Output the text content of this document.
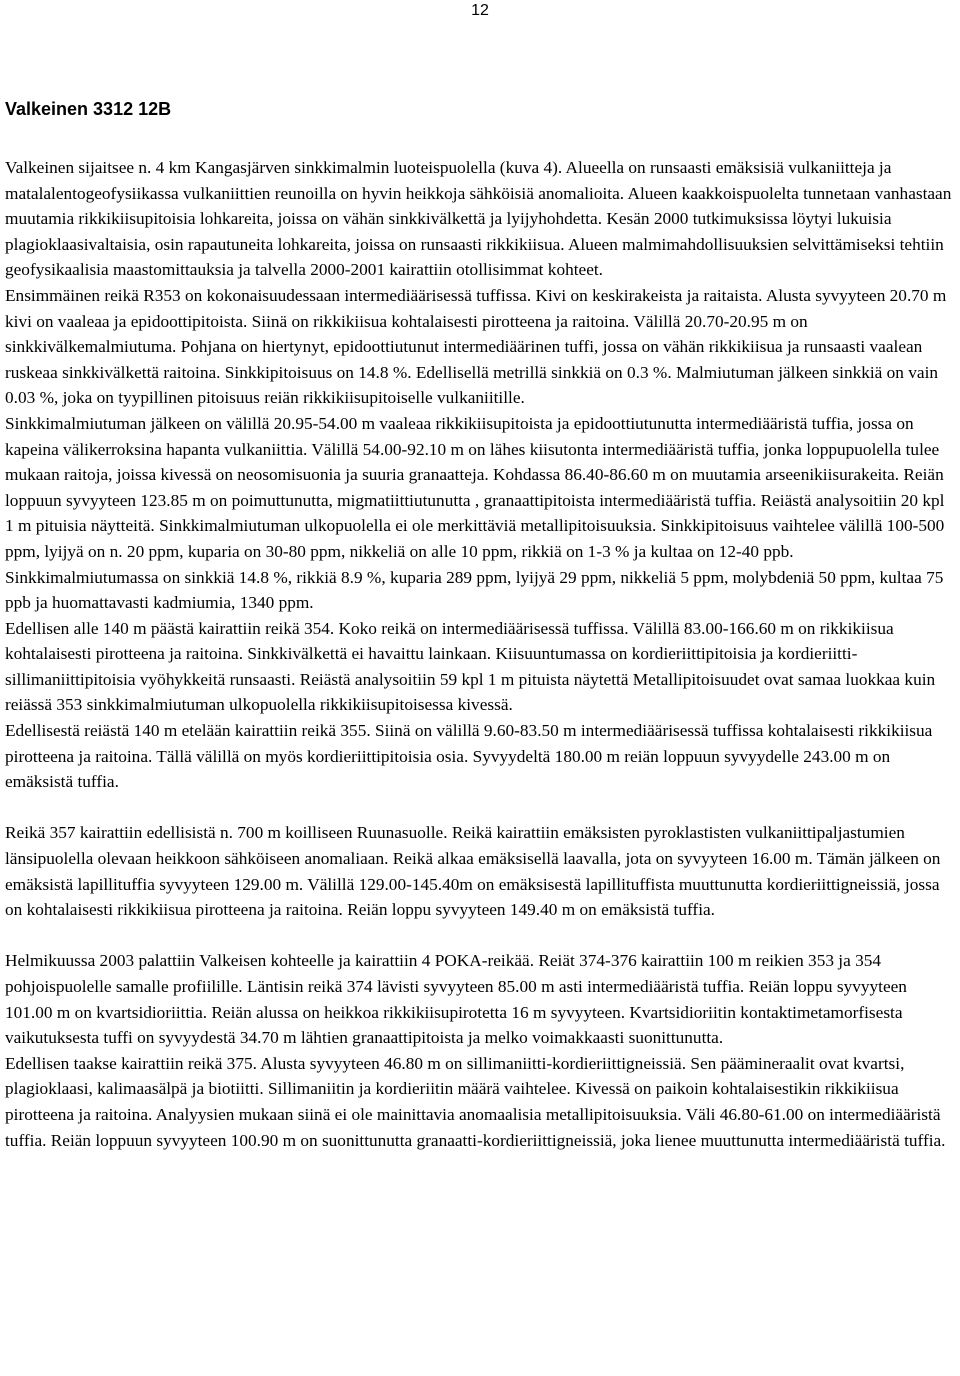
12
Valkeinen 3312 12B

Valkeinen sijaitsee n. 4 km Kangasjärven sinkkimalmin luoteispuolella (kuva 4). Alueella on runsaasti emäksisiä vulkaniitteja ja matalalentogeofysiikassa vulkaniittien reunoilla on hyvin heikkoja sähköisiä anomalioita. Alueen kaakkoispuolelta tunnetaan vanhastaan muutamia rikkikiisupitoisia lohkareita, joissa on vähän sinkkivälkettä ja lyijyhohdetta. Kesän 2000 tutkimuksissa löytyi lukuisia plagioklaasivaltaisia, osin rapautuneita lohkareita, joissa on runsaasti rikkikiisua. Alueen malmimahdollisuuksien selvittämiseksi tehtiin geofysikaalisia maastomittauksia ja talvella 2000-2001 kairattiin otollisimmat kohteet.

Ensimmäinen reikä R353 on kokonaisuudessaan intermediäärisessä tuffissa. Kivi on keskirakeista ja raitaista. Alusta syvyyteen 20.70 m kivi on vaaleaa ja epidoottipitoista. Siinä on rikkikiisua kohtalaisesti pirotteena ja raitoina. Välillä 20.70-20.95 m on sinkkivälkemalmiutuma. Pohjana on hiertynyt, epidoottiutunut intermediäärinen tuffi, jossa on vähän rikkikiisua ja runsaasti vaalean ruskeaa sinkkivälkettä raitoina. Sinkkipitoisuus on 14.8 %. Edellisellä metrillä sinkkiä on 0.3 %. Malmiutuman jälkeen sinkkiä on vain 0.03 %, joka on tyypillinen pitoisuus reiän rikkikiisupitoiselle vulkaniitille.

Sinkkimalmiutuman jälkeen on välillä 20.95-54.00 m vaaleaa rikkikiisupitoista ja epidoottiutunutta intermediääristä tuffia, jossa on kapeina välikerroksina hapanta vulkaniittia. Välillä 54.00-92.10 m on lähes kiisutonta intermediääristä tuffia, jonka loppupuolella tulee mukaan raitoja, joissa kivessä on neosomisuonia ja suuria granaatteja. Kohdassa 86.40-86.60 m on muutamia arseenikiisurakeita. Reiän loppuun syvyyteen 123.85 m on poimuttunutta, migmatiittiutunutta , granaattipitoista intermediääristä tuffia. Reiästä analysoitiin 20 kpl 1 m pituisia näytteitä. Sinkkimalmiutuman ulkopuolella ei ole merkittäviä metallipitoisuuksia. Sinkkipitoisuus vaihtelee välillä 100-500 ppm, lyijyä on n. 20 ppm, kuparia on 30-80 ppm, nikkeliä on alle 10 ppm, rikkiä on 1-3 % ja kultaa on 12-40 ppb.

Sinkkimalmiutumassa on sinkkiä 14.8 %, rikkiä 8.9 %, kuparia 289 ppm, lyijyä 29 ppm, nikkeliä 5 ppm, molybdeniä 50 ppm, kultaa 75 ppb ja huomattavasti kadmiumia, 1340 ppm.

Edellisen alle 140 m päästä kairattiin reikä 354. Koko reikä on intermediäärisessä tuffissa. Välillä 83.00-166.60 m on rikkikiisua kohtalaisesti pirotteena ja raitoina. Sinkkivälkettä ei havaittu lainkaan. Kiisuuntumassa on kordieriittipitoisia ja kordieriitti-sillimaniittipitoisia vyöhykkeitä runsaasti. Reiästä analysoitiin 59 kpl 1 m pituista näytettä Metallipitoisuudet ovat samaa luokkaa kuin reiässä 353 sinkkimalmiutuman ulkopuolella rikkikiisupitoisessa kivessä.

Edellisestä reiästä 140 m etelään kairattiin reikä 355. Siinä on välillä 9.60-83.50 m intermediäärisessä tuffissa kohtalaisesti rikkikiisua pirotteena ja raitoina. Tällä välillä on myös kordieriittipitoisia osia. Syvyydeltä 180.00 m reiän loppuun syvyydelle 243.00 m on emäksistä tuffia.

Reikä 357 kairattiin edellisistä n. 700 m koilliseen Ruunasuolle. Reikä kairattiin emäksisten pyroklastisten vulkaniittipaljastumien länsipuolella olevaan heikkoon sähköiseen anomaliaan. Reikä alkaa emäksisellä laavalla, jota on syvyyteen 16.00 m. Tämän jälkeen on emäksistä lapillituffia syvyyteen 129.00 m. Välillä 129.00-145.40m on emäksisestä lapillituffista muuttunutta kordieriittigneissiä, jossa on kohtalaisesti rikkikiisua pirotteena ja raitoina. Reiän loppu syvyyteen 149.40 m on emäksistä tuffia.

Helmikuussa 2003 palattiin Valkeisen kohteelle ja kairattiin 4 POKA-reikää. Reiät 374-376 kairattiin 100 m reikien 353 ja 354 pohjoispuolelle samalle profiilille. Läntisin reikä 374 lävisti syvyyteen 85.00 m asti intermediääristä tuffia. Reiän loppu syvyyteen 101.00 m on kvartsidioriittia. Reiän alussa on heikkoa rikkikiisupirotetta 16 m syvyyteen. Kvartsidioriitin kontaktimetamorfisesta vaikutuksesta tuffi on syvyydestä 34.70 m lähtien granaattipitoista ja melko voimakkaasti suonittunutta.

Edellisen taakse kairattiin reikä 375. Alusta syvyyteen 46.80 m on sillimaniitti-kordieriittigneissiä. Sen päämineraalit ovat kvartsi, plagioklaasi, kalimaasälpä ja biotiitti. Sillimaniitin ja kordieriitin määrä vaihtelee. Kivessä on paikoin kohtalaisestikin rikkikiisua pirotteena ja raitoina. Analyysien mukaan siinä ei ole mainittavia anomaalisia metallipitoisuuksia. Väli 46.80-61.00 on intermediääristä tuffia. Reiän loppuun syvyyteen 100.90 m on suonittunutta granaatti-kordieriittigneissiä, joka lienee muuttunutta intermediääristä tuffia.
